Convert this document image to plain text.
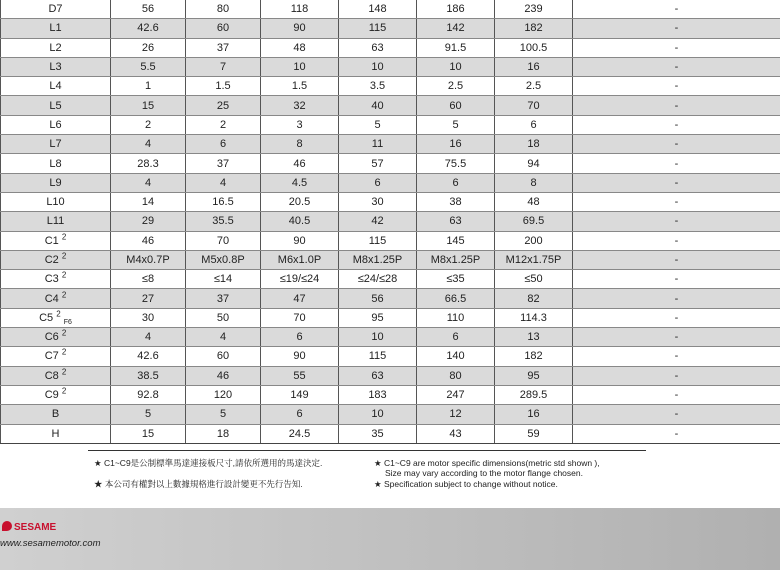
D7	56	80	118	148	186	239	-	
L1	42.6	60	90	115	142	182	-	
L2	26	37	48	63	91.5	100.5	-	
L3	5.5	7	10	10	10	16	-	
L4	1	1.5	1.5	3.5	2.5	2.5	-	
L5	15	25	32	40	60	70	-	
L6	2	2	3	5	5	6	-	
L7	4	6	8	11	16	18	-	
L8	28.3	37	46	57	75.5	94	-	
L9	4	4	4.5	6	6	8	-	
L10	14	16.5	20.5	30	38	48	-	
L11	29	35.5	40.5	42	63	69.5	-	
C1 $^2$	46	70	90	115	145	200	-	
C2 $^2$	M4x0.7P	M5x0.8P	M6x1.0P	M8x1.25P	M8x1.25P	M12x1.75P	-	
C3 $^2$	≤8	≤14	≤19/≤24	≤24/≤28	≤35	≤50	-	
C4 $^2$	27	37	47	56	66.5	82	-	
C5 $^2$ $_{F6}$	30	50	70	95	110	114.3	-	
C6 $^2$	4	4	6	10	6	13	-	
C7 $^2$	42.6	60	90	115	140	182	-	
C8 $^2$	38.5	46	55	63	80	95	-	
C9 $^2$	92.8	120	149	183	247	289.5	-	
B	5	5	6	10	12	16	-	
H	15	18	24.5	35	43	59	-	
★ C1~C9是公制標準馬達連接板尺寸,請依所選用的馬達決定.
★ 本公司有權對以上數據規格進行設計變更不先行告知.
★ C1~C9 are motor specific dimensions(metric std shown ),
Size may vary according to the motor flange chosen.
★ Specification subject to change without notice.
SESAME
www.sesamemotor.com
